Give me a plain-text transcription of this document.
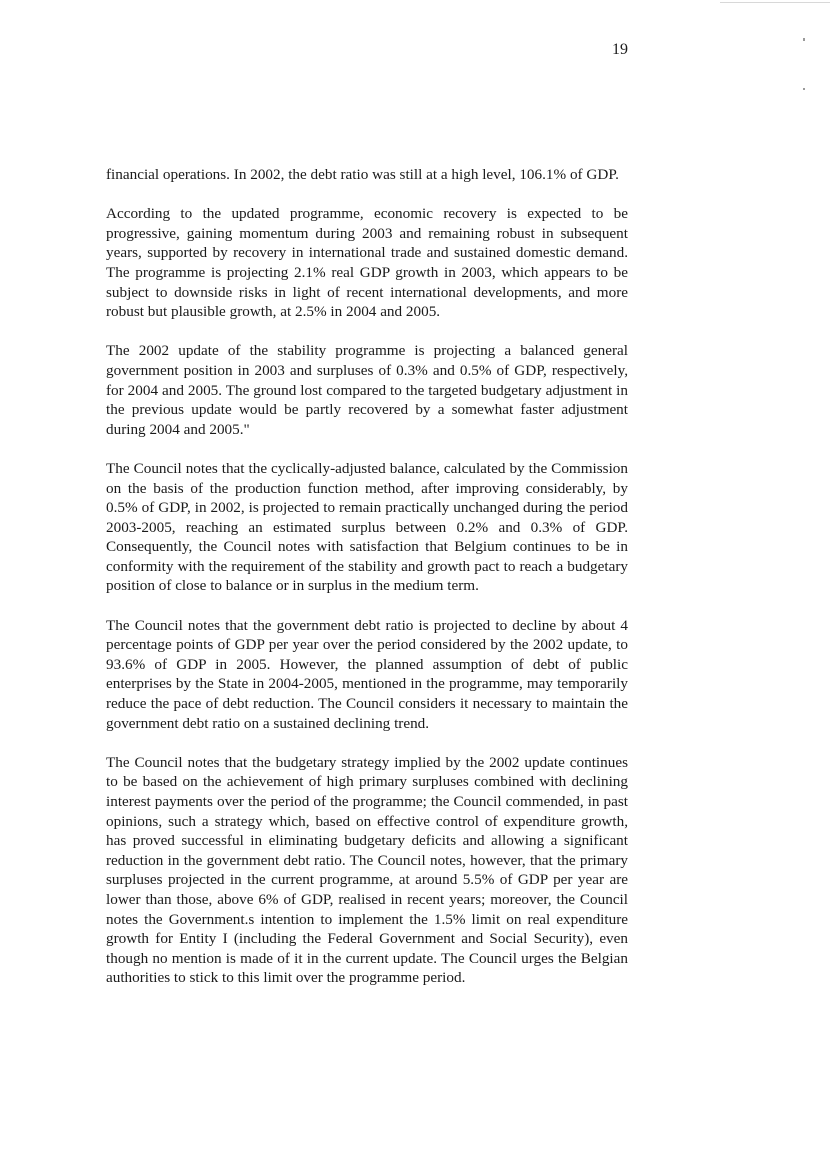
19

financial operations. In 2002, the debt ratio was still at a high level, 106.1% of GDP.

According to the updated programme, economic recovery is expected to be progressive, gaining momentum during 2003 and remaining robust in subsequent years, supported by recovery in international trade and sustained domestic demand. The programme is projecting 2.1% real GDP growth in 2003, which appears to be subject to downside risks in light of recent international developments, and more robust but plausible growth, at 2.5% in 2004 and 2005.

The 2002 update of the stability programme is projecting a balanced general government position in 2003 and surpluses of 0.3% and 0.5% of GDP, respectively, for 2004 and 2005. The ground lost compared to the targeted budgetary adjustment in the previous update would be partly recovered by a somewhat faster adjustment during 2004 and 2005."

The Council notes that the cyclically-adjusted balance, calculated by the Commission on the basis of the production function method, after improving considerably, by 0.5% of GDP, in 2002, is projected to remain practically unchanged during the period 2003-2005, reaching an estimated surplus between 0.2% and 0.3% of GDP. Consequently, the Council notes with satisfaction that Belgium continues to be in conformity with the requirement of the stability and growth pact to reach a budgetary position of close to balance or in surplus in the medium term.

The Council notes that the government debt ratio is projected to decline by about 4 percentage points of GDP per year over the period considered by the 2002 update, to 93.6% of GDP in 2005. However, the planned assumption of debt of public enterprises by the State in 2004-2005, mentioned in the programme, may temporarily reduce the pace of debt reduction. The Council considers it necessary to maintain the government debt ratio on a sustained declining trend.

The Council notes that the budgetary strategy implied by the 2002 update continues to be based on the achievement of high primary surpluses combined with declining interest payments over the period of the programme; the Council commended, in past opinions, such a strategy which, based on effective control of expenditure growth, has proved successful in eliminating budgetary deficits and allowing a significant reduction in the government debt ratio. The Council notes, however, that the primary surpluses projected in the current programme, at around 5.5% of GDP per year are lower than those, above 6% of GDP, realised in recent years; moreover, the Council notes the Government.s intention to implement the 1.5% limit on real expenditure growth for Entity I (including the Federal Government and Social Security), even though no mention is made of it in the current update. The Council urges the Belgian authorities to stick to this limit over the programme period.
